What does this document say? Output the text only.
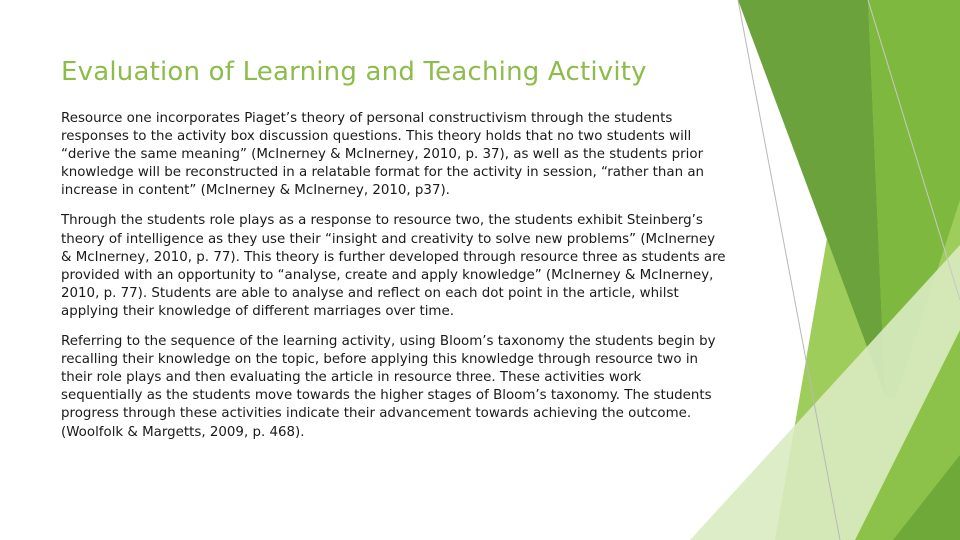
Evaluation of Learning and Teaching Activity

Resource one incorporates Piaget’s theory of personal constructivism through the students responses to the activity box discussion questions. This theory holds that no two students will “derive the same meaning” (McInerney & McInerney, 2010, p. 37), as well as the students prior knowledge will be reconstructed in a relatable format for the activity in session, “rather than an increase in content” (McInerney & McInerney, 2010, p37).

Through the students role plays as a response to resource two, the students exhibit Steinberg’s theory of intelligence as they use their “insight and creativity to solve new problems” (McInerney & McInerney, 2010, p. 77). This theory is further developed through resource three as students are provided with an opportunity to “analyse, create and apply knowledge” (McInerney & McInerney, 2010, p. 77). Students are able to analyse and reflect on each dot point in the article, whilst applying their knowledge of different marriages over time.

Referring to the sequence of the learning activity, using Bloom’s taxonomy the students begin by recalling their knowledge on the topic, before applying this knowledge through resource two in their role plays and then evaluating the article in resource three. These activities work sequentially as the students move towards the higher stages of Bloom’s taxonomy. The students progress through these activities indicate their advancement towards achieving the outcome. (Woolfolk & Margetts, 2009, p. 468).
